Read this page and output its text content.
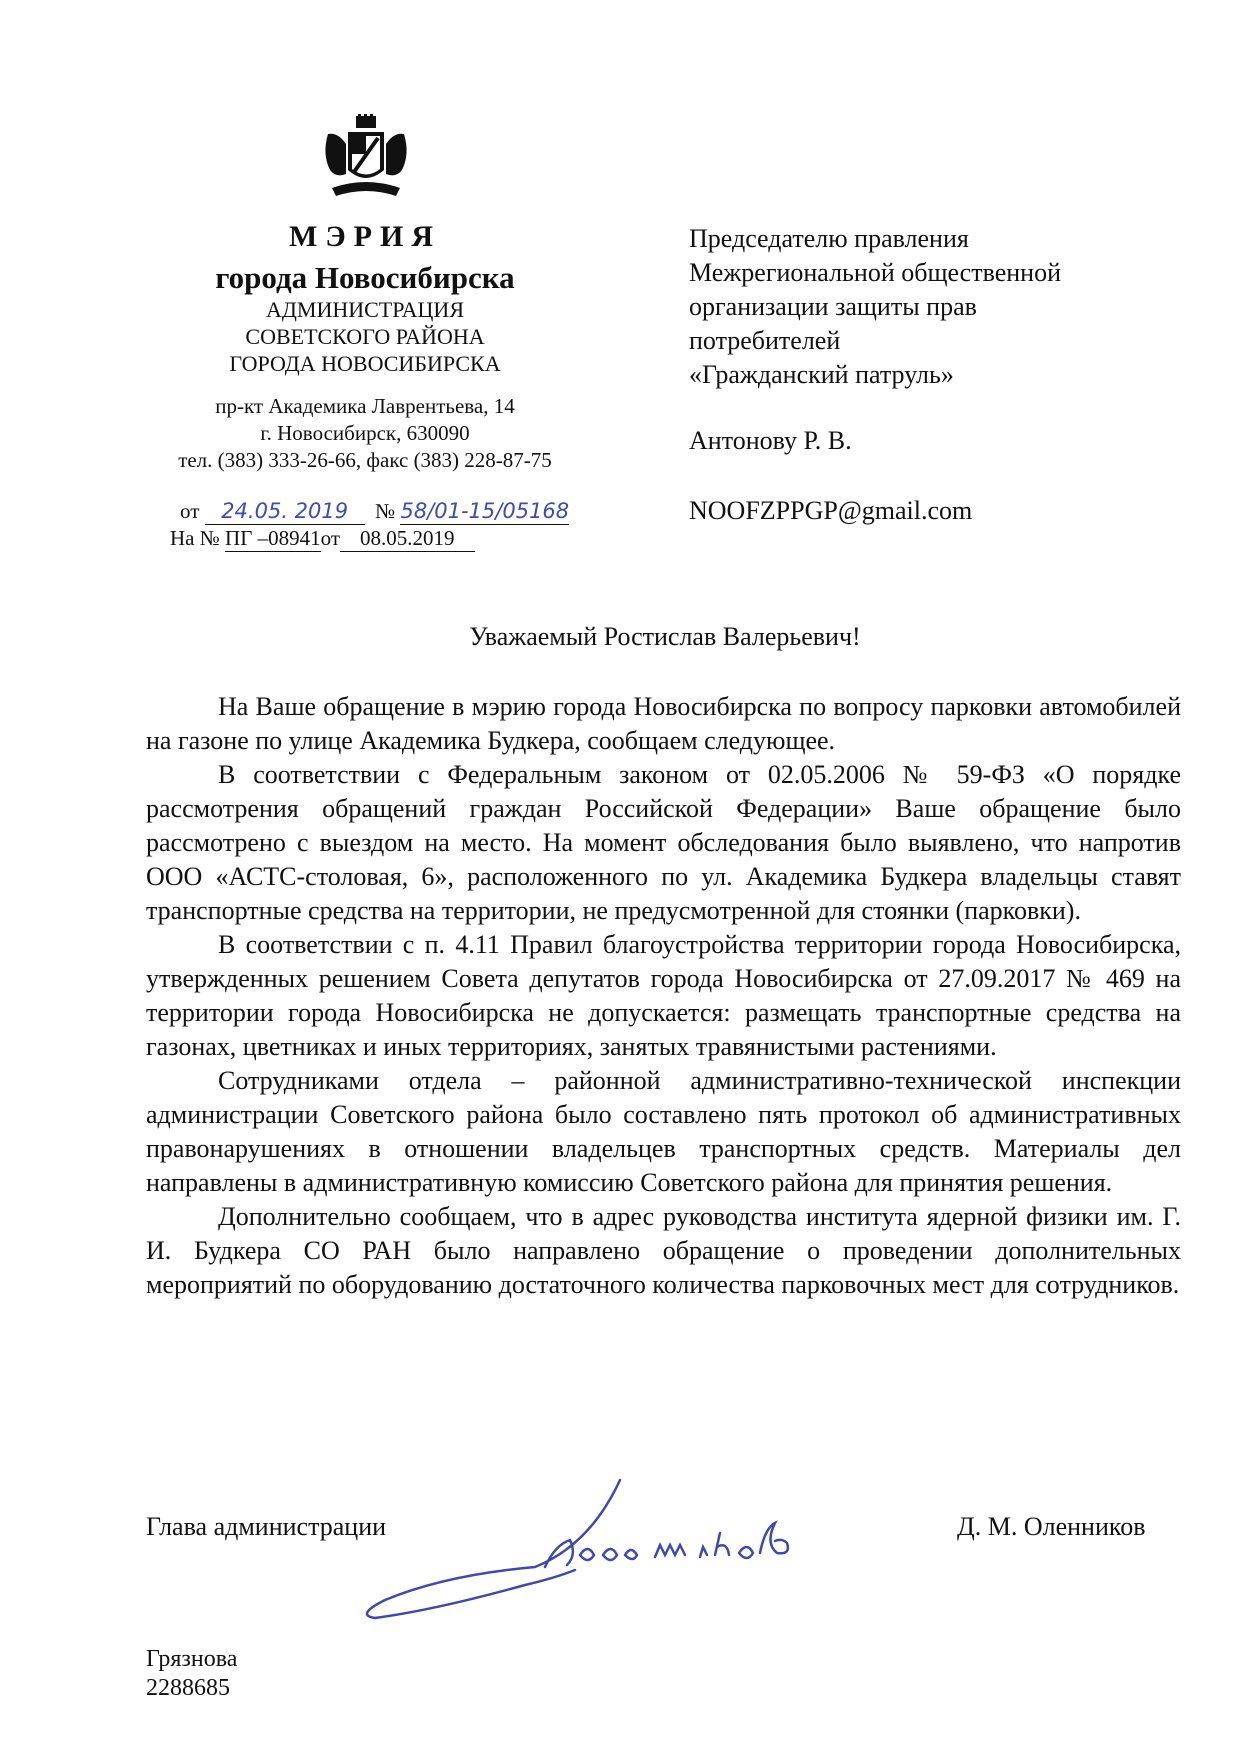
МЭРИЯ
города Новосибирска
АДМИНИСТРАЦИЯ
СОВЕТСКОГО РАЙОНА
ГОРОДА НОВОСИБИРСКА
пр-кт Академика Лаврентьева, 14
г. Новосибирск, 630090
тел. (383) 333-26-66, факс (383) 228-87-75
от 24.05. 2019 № 58/01-15/05168
На № ПГ –08941от 08.05.2019
Председателю правления
Межрегиональной общественной
организации защиты прав
потребителей
«Гражданский патруль»
Антонову Р. В.
NOOFZPPGP@gmail.com
Уважаемый Ростислав Валерьевич!

На Ваше обращение в мэрию города Новосибирска по вопросу парковки автомобилей на газоне по улице Академика Будкера, сообщаем следующее.

В соответствии с Федеральным законом от 02.05.2006 № 59-ФЗ «О порядке рассмотрения обращений граждан Российской Федерации» Ваше обращение было рассмотрено с выездом на место. На момент обследования было выявлено, что напротив ООО «АСТС-столовая, 6», расположенного по ул. Академика Будкера владельцы ставят транспортные средства на территории, не предусмотренной для стоянки (парковки).

В соответствии с п. 4.11 Правил благоустройства территории города Новосибирска, утвержденных решением Совета депутатов города Новосибирска от 27.09.2017 № 469 на территории города Новосибирска не допускается: размещать транспортные средства на газонах, цветниках и иных территориях, занятых травянистыми растениями.

Сотрудниками отдела – районной административно-технической инспекции администрации Советского района было составлено пять протокол об административных правонарушениях в отношении владельцев транспортных средств. Материалы дел направлены в административную комиссию Советского района для принятия решения.

Дополнительно сообщаем, что в адрес руководства института ядерной физики им. Г. И. Будкера СО РАН было направлено обращение о проведении дополнительных мероприятий по оборудованию достаточного количества парковочных мест для сотрудников.

Глава администрации	Д. М. Оленников
Грязнова
2288685
